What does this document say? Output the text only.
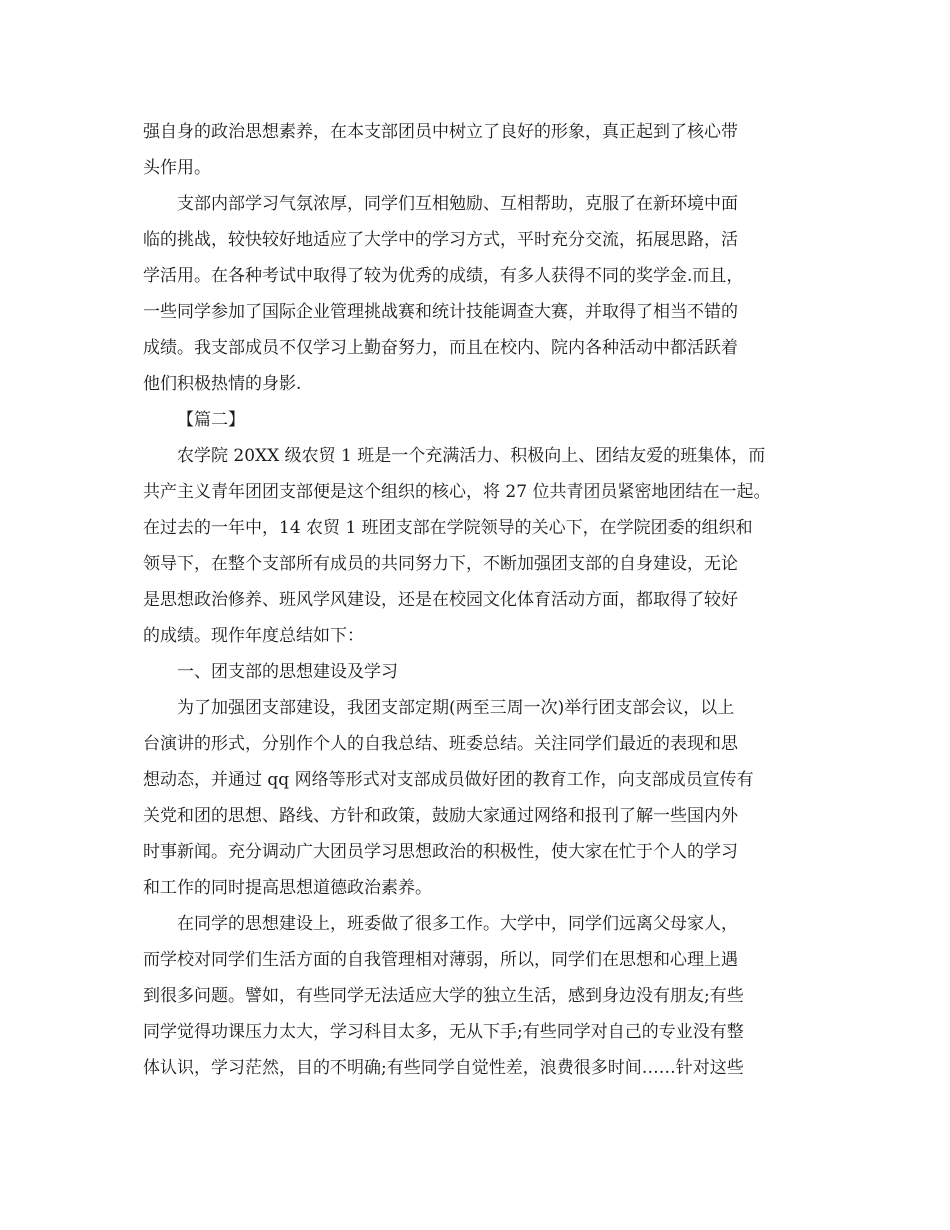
强自身的政治思想素养，在本支部团员中树立了良好的形象，真正起到了核心带
头作用。
支部内部学习气氛浓厚，同学们互相勉励、互相帮助，克服了在新环境中面
临的挑战，较快较好地适应了大学中的学习方式，平时充分交流，拓展思路，活
学活用。在各种考试中取得了较为优秀的成绩，有多人获得不同的奖学金.而且，
一些同学参加了国际企业管理挑战赛和统计技能调查大赛，并取得了相当不错的
成绩。我支部成员不仅学习上勤奋努力，而且在校内、院内各种活动中都活跃着
他们积极热情的身影.
【篇二】
农学院 20XX 级农贸 1 班是一个充满活力、积极向上、团结友爱的班集体，而
共产主义青年团团支部便是这个组织的核心，将 27 位共青团员紧密地团结在一起。
在过去的一年中，14 农贸 1 班团支部在学院领导的关心下，在学院团委的组织和
领导下，在整个支部所有成员的共同努力下，不断加强团支部的自身建设，无论
是思想政治修养、班风学风建设，还是在校园文化体育活动方面，都取得了较好
的成绩。现作年度总结如下：
一、团支部的思想建设及学习
为了加强团支部建设，我团支部定期(两至三周一次)举行团支部会议，以上
台演讲的形式，分别作个人的自我总结、班委总结。关注同学们最近的表现和思
想动态，并通过 qq 网络等形式对支部成员做好团的教育工作，向支部成员宣传有
关党和团的思想、路线、方针和政策，鼓励大家通过网络和报刊了解一些国内外
时事新闻。充分调动广大团员学习思想政治的积极性，使大家在忙于个人的学习
和工作的同时提高思想道德政治素养。
在同学的思想建设上，班委做了很多工作。大学中，同学们远离父母家人，
而学校对同学们生活方面的自我管理相对薄弱，所以，同学们在思想和心理上遇
到很多问题。譬如，有些同学无法适应大学的独立生活，感到身边没有朋友;有些
同学觉得功课压力太大，学习科目太多，无从下手;有些同学对自己的专业没有整
体认识，学习茫然，目的不明确;有些同学自觉性差，浪费很多时间……针对这些
